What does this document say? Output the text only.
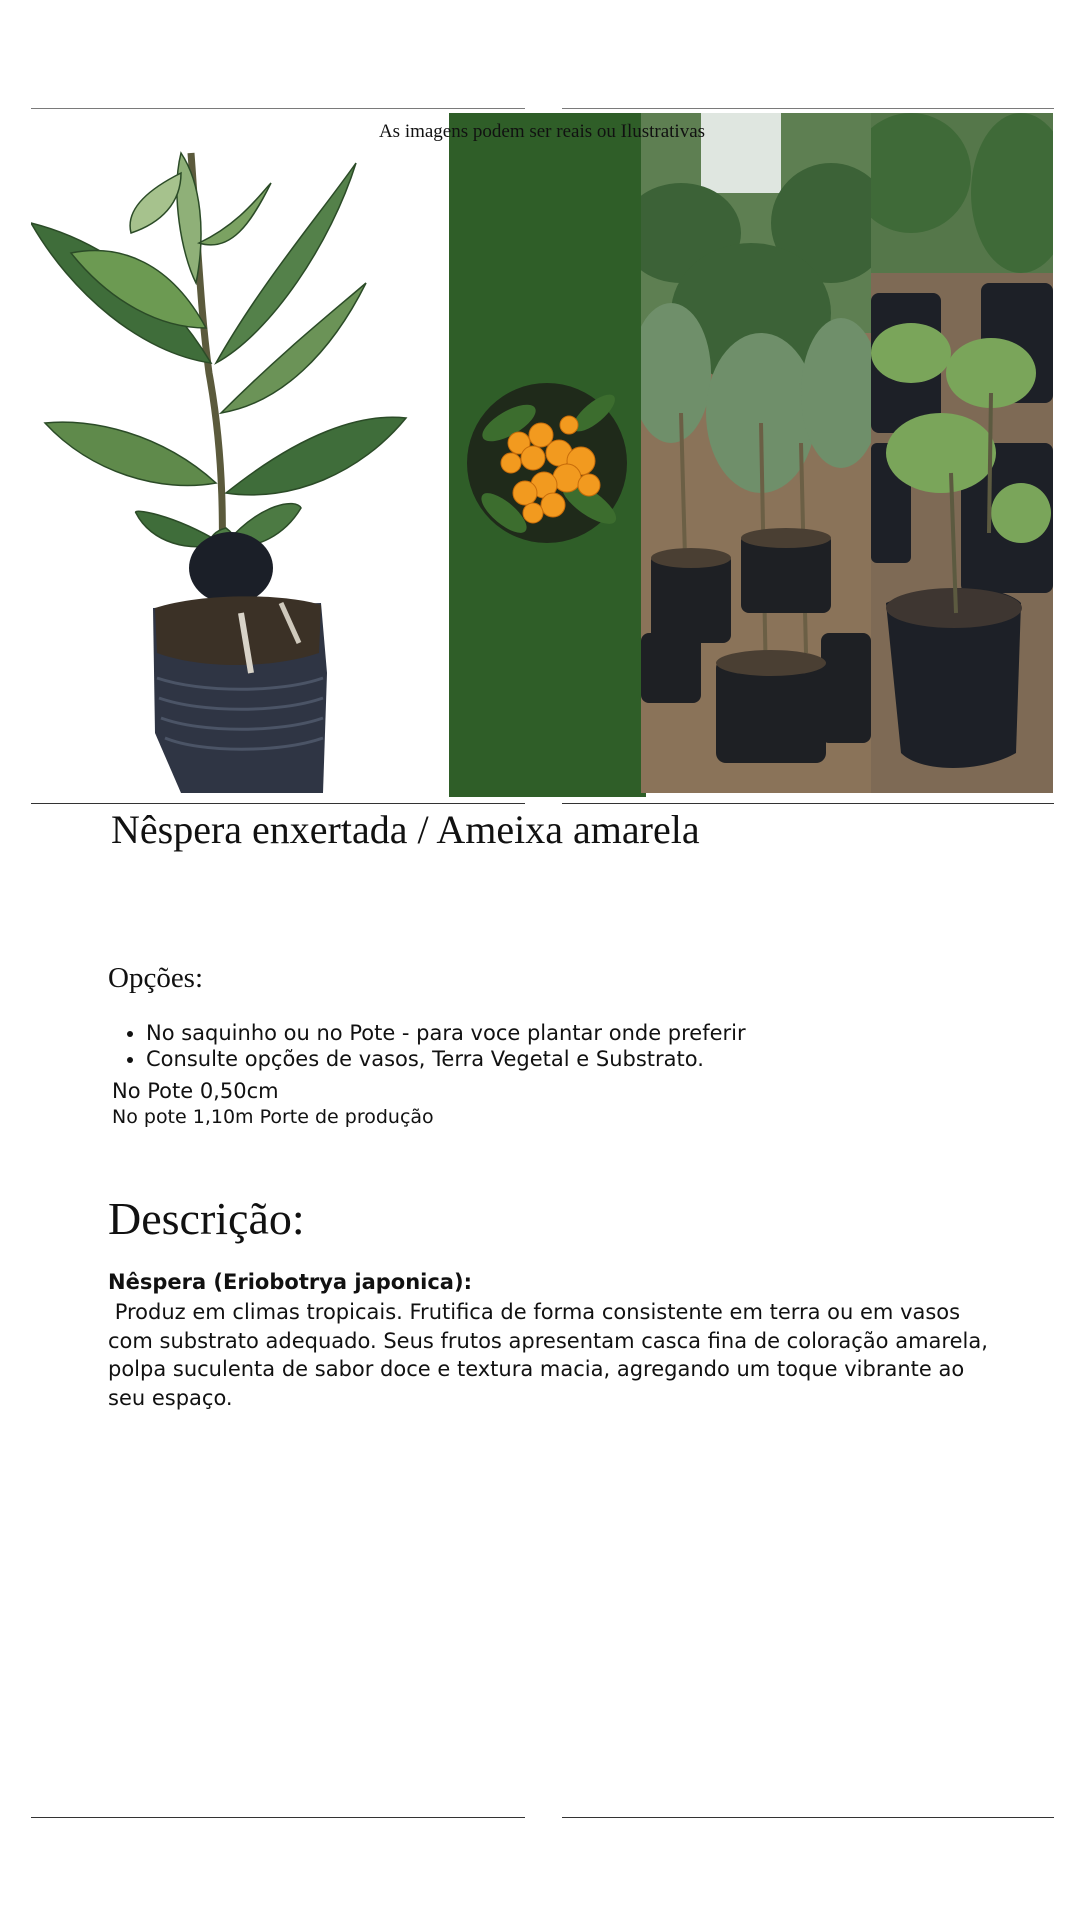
As imagens podem ser reais ou Ilustrativas
Nêspera enxertada / Ameixa amarela
Opções:
• No saquinho ou no Pote - para voce plantar onde preferir
• Consulte opções de vasos, Terra Vegetal e Substrato.
No Pote 0,50cm
No pote 1,10m Porte de produção
Descrição:
Nêspera (Eriobotrya japonica):
Produz em climas tropicais. Frutifica de forma consistente em terra ou em vasos com substrato adequado. Seus frutos apresentam casca fina de coloração amarela, polpa suculenta de sabor doce e textura macia, agregando um toque vibrante ao seu espaço.
